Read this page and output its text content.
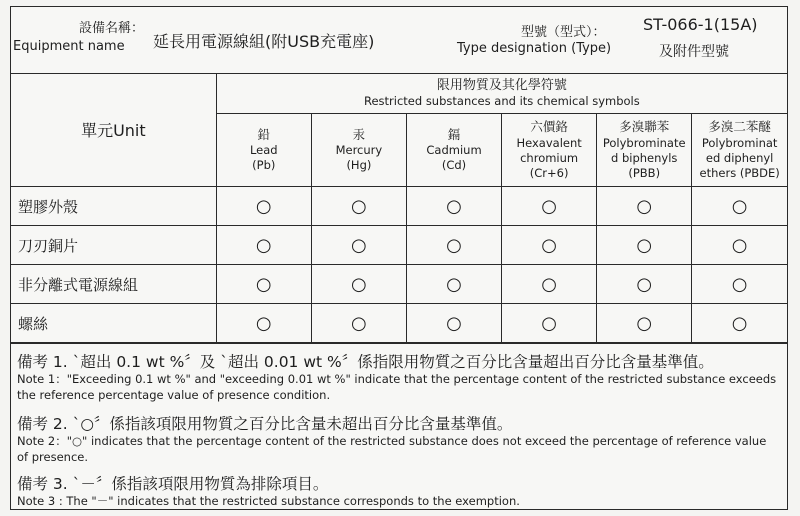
設備名稱：
Equipment name 延長用電源線組(附USB充電座)	型號（型式）：
Type designation (Type)
ST-066-1(15A)
及附件型號
單元Unit	限用物質及其化學符號
Restricted substances and its chemical symbols					

	鉛
Lead
(Pb)	汞
Mercury
(Hg)	鎘
Cadmium
(Cd)	六價鉻
Hexavalent
chromium
(Cr+6)	多溴聯苯
Polybrominate
d biphenyls
(PBB)	多溴二苯醚
Polybrominat
ed diphenyl
ethers (PBDE)

塑膠外殼	○	○	○	○	○	○
刀刃銅片	○	○	○	○	○	○
非分離式電源線組	○	○	○	○	○	○
螺絲	○	○	○	○	○	○
備考 1. ˋ超出 0.1 wt %〞及 ˋ超出 0.01 wt %〞係指限用物質之百分比含量超出百分比含量基準值。
Note 1："Exceeding 0.1 wt %" and "exceeding 0.01 wt %" indicate that the percentage content of the restricted substance exceeds the reference percentage value of presence condition.
備考 2. ˋ○〞係指該項限用物質之百分比含量未超出百分比含量基準值。
Note 2："○" indicates that the percentage content of the restricted substance does not exceed the percentage of reference value of presence.
備考 3. ˋ－〞係指該項限用物質為排除項目。
Note 3 : The "－" indicates that the restricted substance corresponds to the exemption.
